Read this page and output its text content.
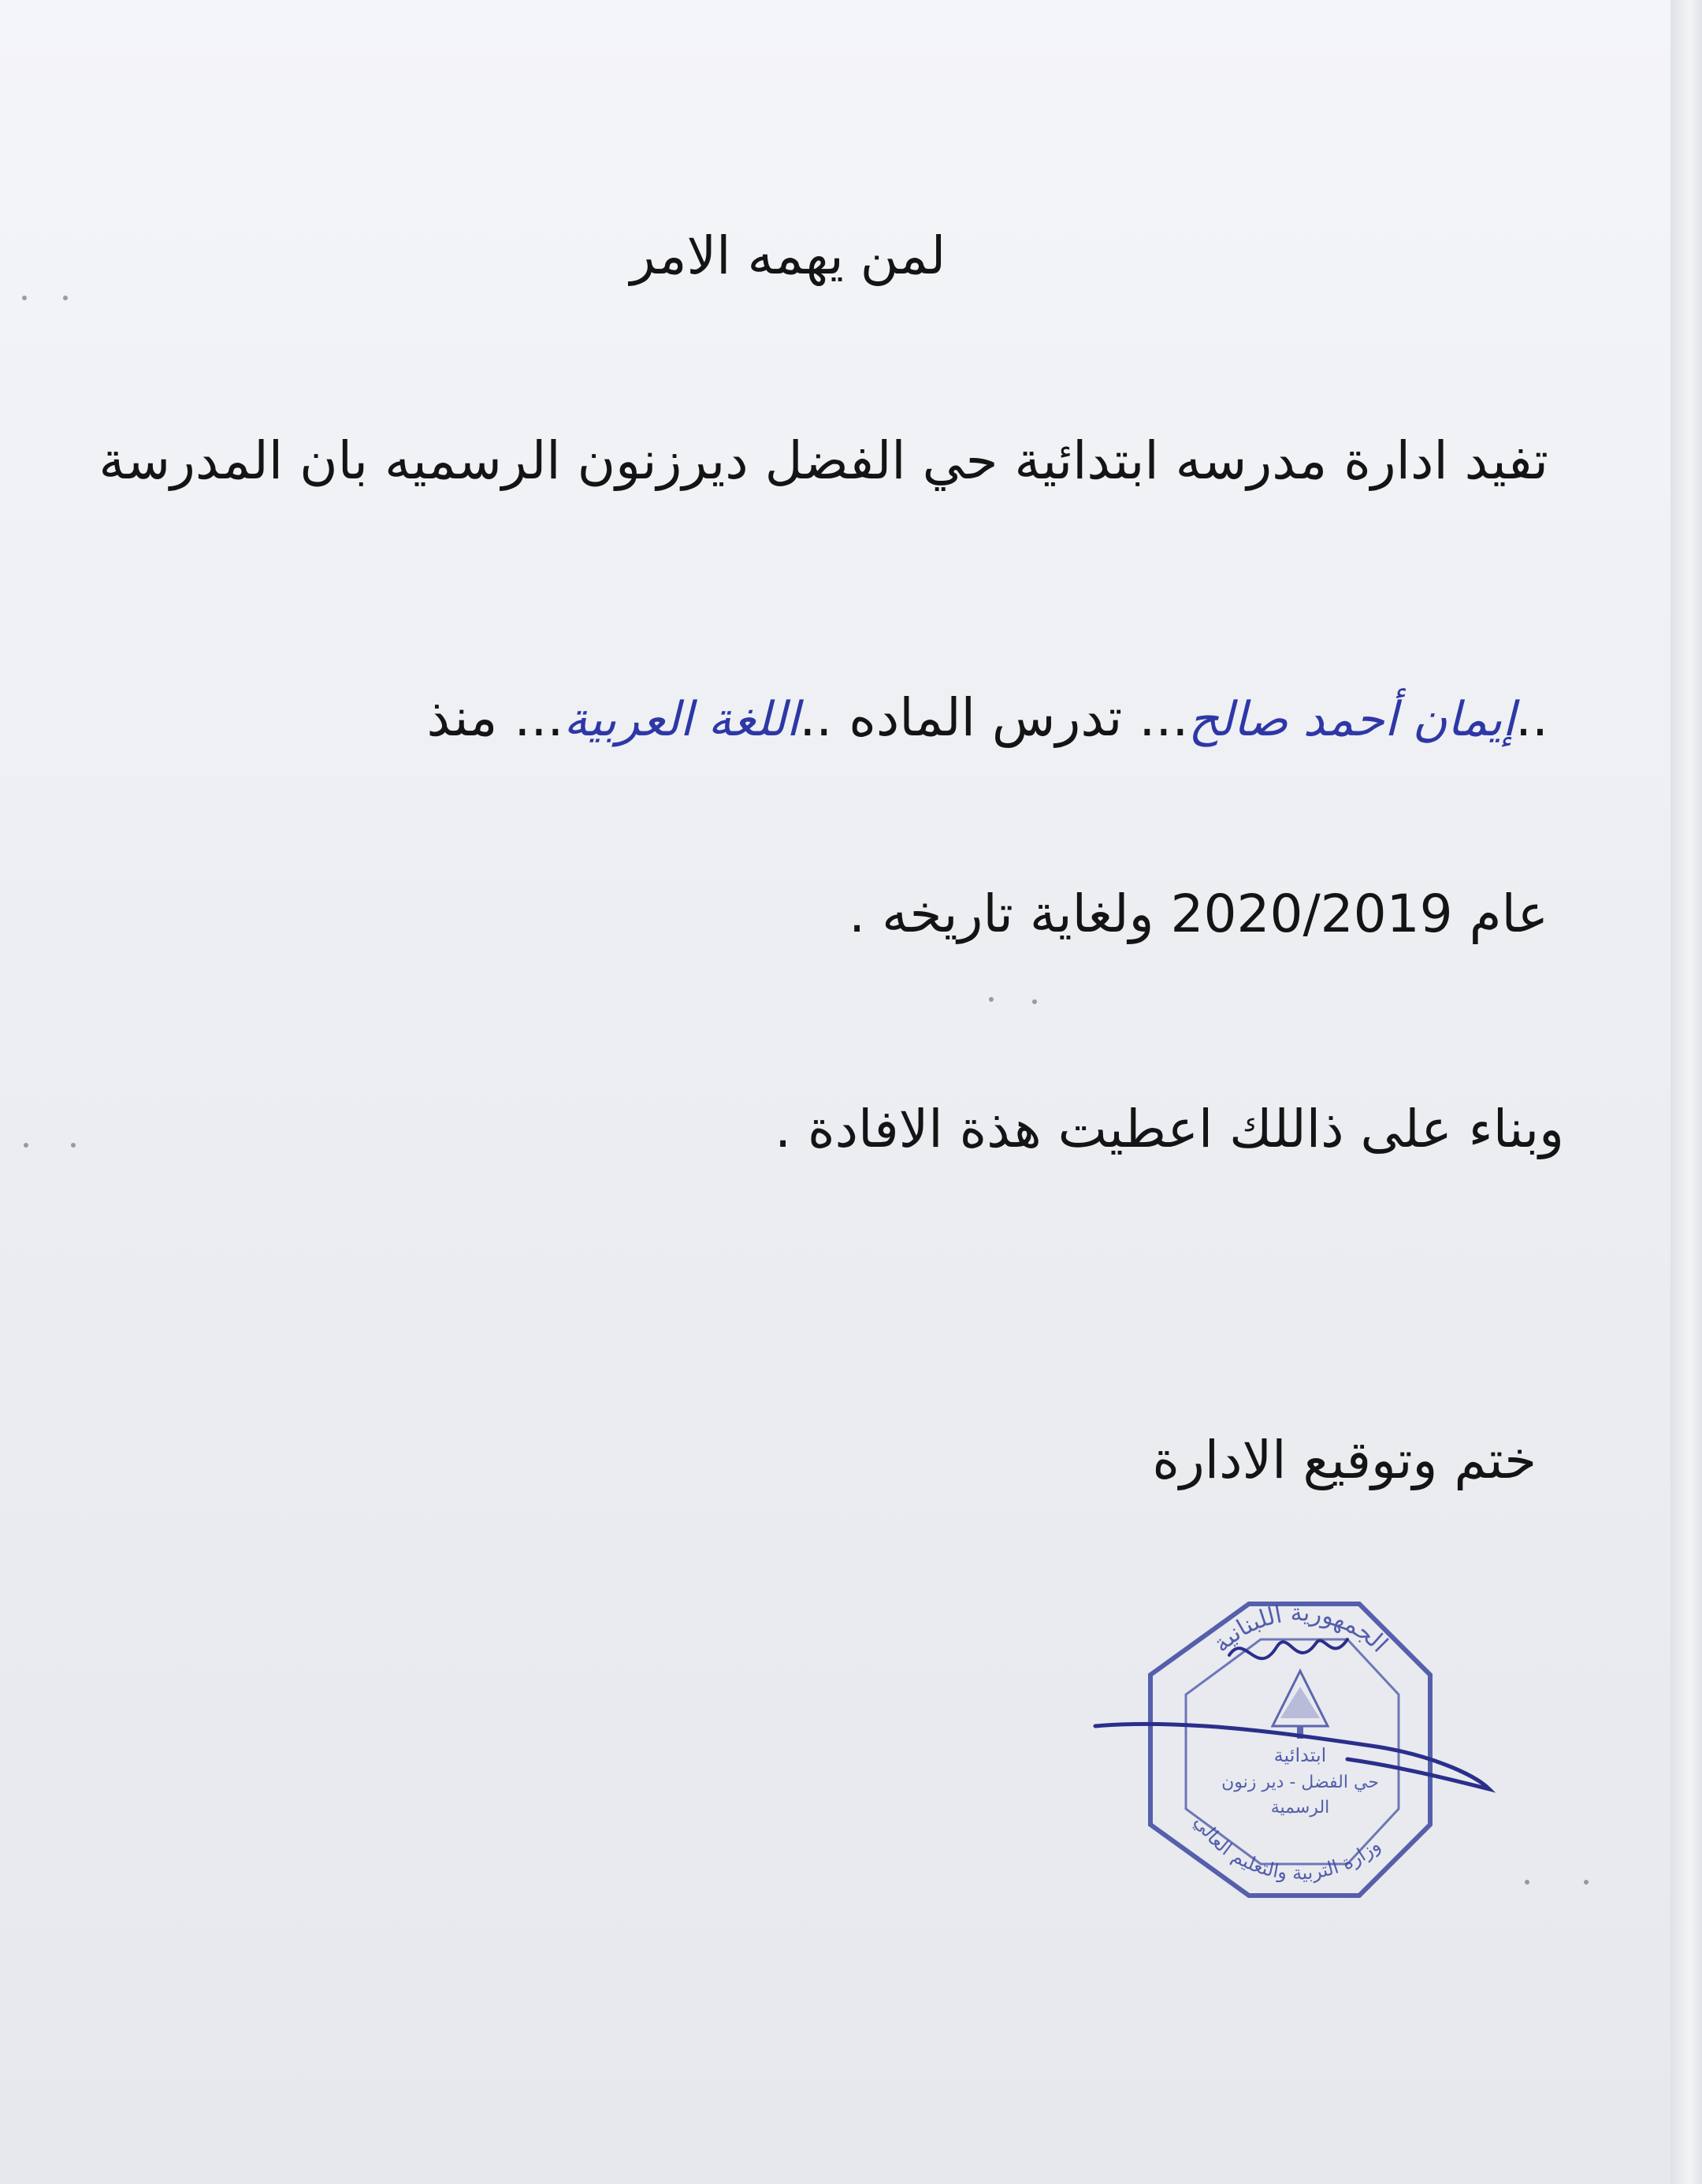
لمن يهمه الامر
تفيد ادارة مدرسه ابتدائية حي الفضل ديرزنون الرسميه بان المدرسة
..إيمان أحمد صالح... تدرس الماده ..اللغة العربية... منذ
عام 2020/2019 ولغاية تاريخه .
وبناء على ذاللك اعطيت هذة الافادة .
ختم وتوقيع الادارة
الجمهورية اللبنانية
ابتدائية
حي الفضل - دير زنون
الرسمية
وزارة التربية والتعليم العالي
